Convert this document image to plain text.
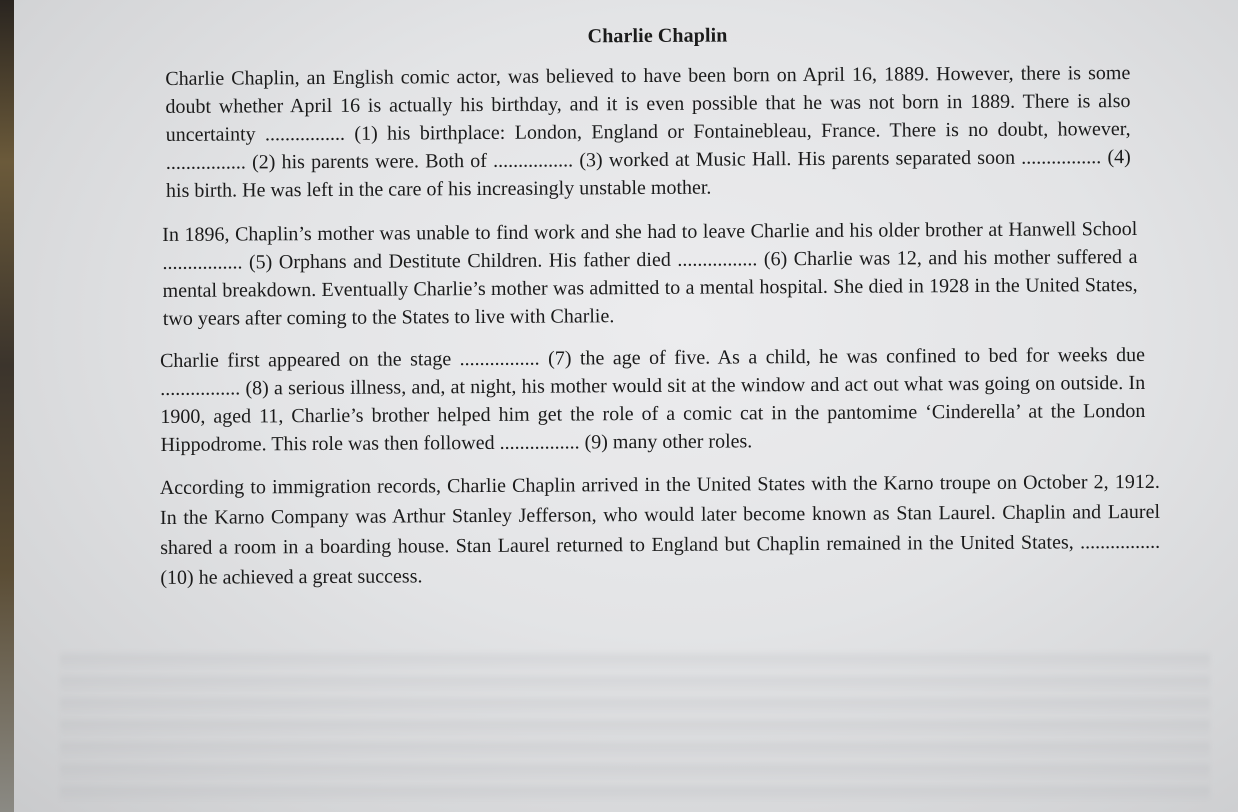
Charlie Chaplin

Charlie Chaplin, an English comic actor, was believed to have been born on April 16, 1889. However, there is some doubt whether April 16 is actually his birthday, and it is even possible that he was not born in 1889. There is also uncertainty ................ (1) his birthplace: London, England or Fontainebleau, France. There is no doubt, however, ................ (2) his parents were. Both of ................ (3) worked at Music Hall. His parents separated soon ................ (4) his birth. He was left in the care of his increasingly unstable mother.

In 1896, Chaplin’s mother was unable to find work and she had to leave Charlie and his older brother at Hanwell School ................ (5) Orphans and Destitute Children. His father died ................ (6) Charlie was 12, and his mother suffered a mental breakdown. Eventually Charlie’s mother was admitted to a mental hospital. She died in 1928 in the United States, two years after coming to the States to live with Charlie.

Charlie first appeared on the stage ................ (7) the age of five. As a child, he was confined to bed for weeks due ................ (8) a serious illness, and, at night, his mother would sit at the window and act out what was going on outside. In 1900, aged 11, Charlie’s brother helped him get the role of a comic cat in the pantomime ‘Cinderella’ at the London Hippodrome. This role was then followed ................ (9) many other roles.

According to immigration records, Charlie Chaplin arrived in the United States with the Karno troupe on October 2, 1912. In the Karno Company was Arthur Stanley Jefferson, who would later become known as Stan Laurel. Chaplin and Laurel shared a room in a boarding house. Stan Laurel returned to England but Chaplin remained in the United States, ................ (10) he achieved a great success.
